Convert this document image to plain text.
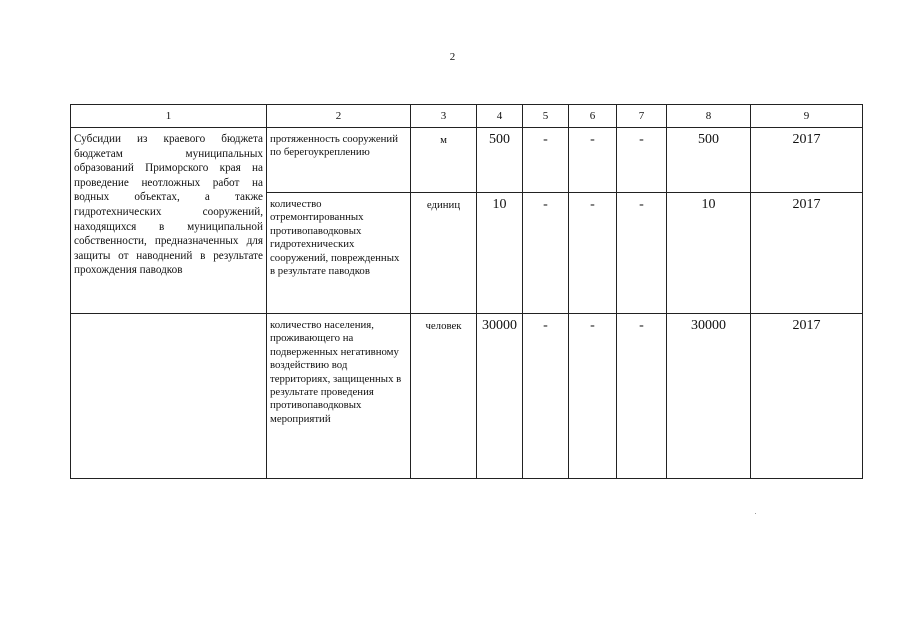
2
1	2	3	4	5	6	7	8	9
Субсидии из краевого бюджета бюджетам муниципальных образований Приморского края на проведение неотложных работ на водных объектах, а также гидротехнических сооружений, находящихся в муниципальной собственности, предназначенных для защиты от наводнений в результате прохождения паводков	протяженность сооружений по берегоукреплению	м	500	-	-	-	500	2017
	количество отремонтированных противопаводковых гидротехнических сооружений, поврежденных в результате паводков	единиц	10	-	-	-	10	2017
	количество населения, проживающего на подверженных негативному воздействию вод территориях, защищенных в результате проведения противопаводковых мероприятий	человек	30000	-	-	-	30000	2017
